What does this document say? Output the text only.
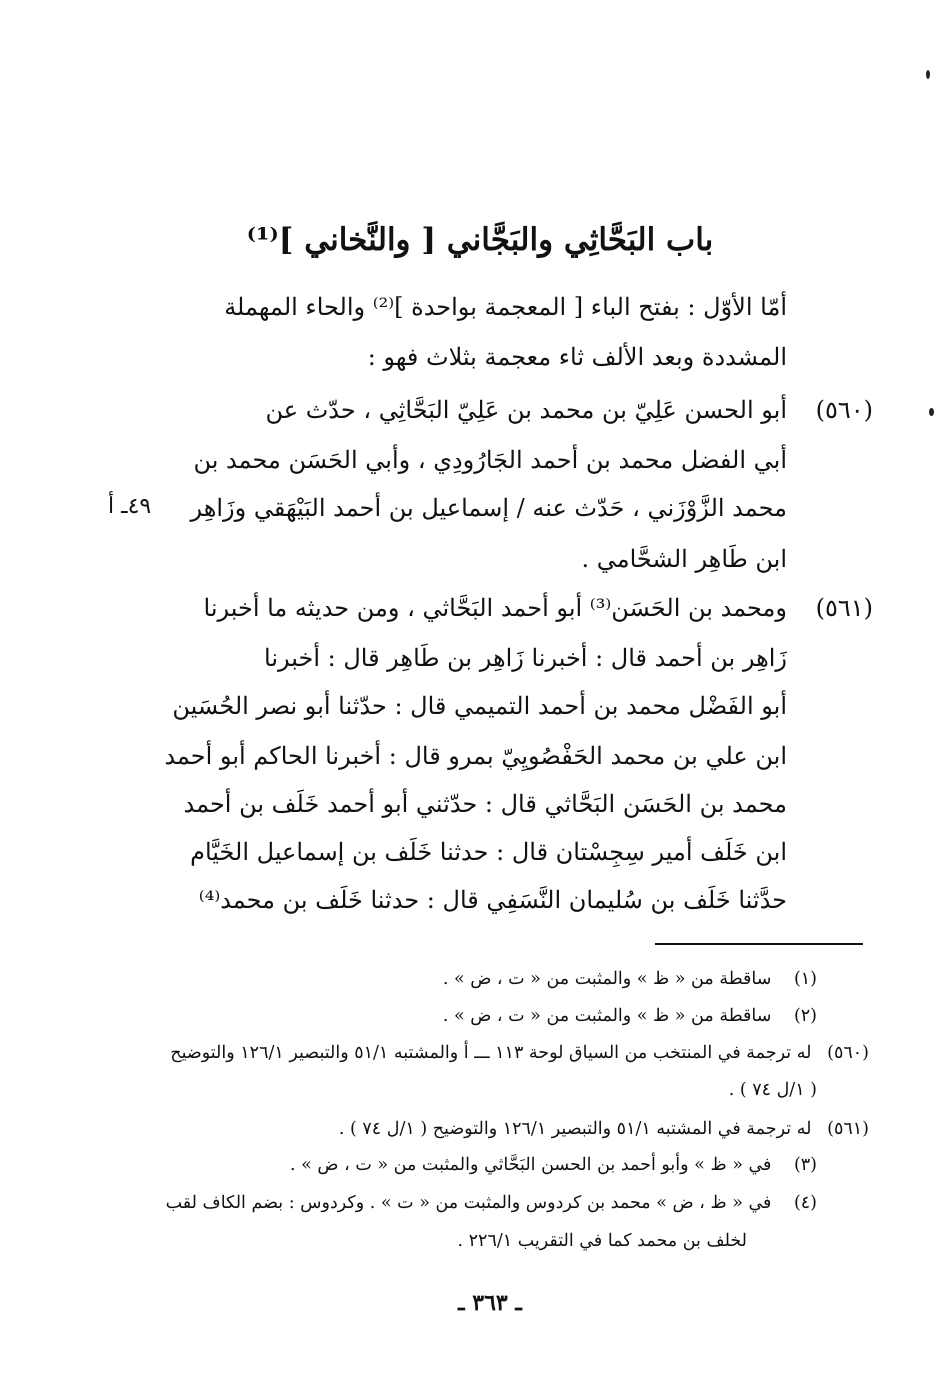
باب البَحَّاثِي والبَجَّاني [ والنَّخاني ]⁽¹⁾
أمّا الأوّل : بفتح الباء [ المعجمة بواحدة ]⁽²⁾ والحاء المهملة
المشددة وبعد الألف ثاء معجمة بثلاث فهو :
(٥٦٠)
أبو الحسن عَلِيّ بن محمد بن عَلِيّ البَحَّاثِي ، حدّث عن
أبي الفضل محمد بن أحمد الجَارُودِي ، وأبي الحَسَن محمد بن
محمد الزَّوْزَني ، حَدّث عنه / إسماعيل بن أحمد البَيْهَقي وزَاهِر
ابن طَاهِر الشحَّامي .
٤٩ـ أ
(٥٦١)
ومحمد بن الحَسَن⁽³⁾ أبو أحمد البَحَّاثي ، ومن حديثه ما أخبرنا
زَاهِر بن أحمد قال : أخبرنا زَاهِر بن طَاهِر قال : أخبرنا
أبو الفَضْل محمد بن أحمد التميمي قال : حدّثنا أبو نصر الحُسَين
ابن علي بن محمد الحَفْصُويِيّ بمرو قال : أخبرنا الحاكم أبو أحمد
محمد بن الحَسَن البَحَّاثي قال : حدّثني أبو أحمد خَلَف بن أحمد
ابن خَلَف أمير سِجِسْتان قال : حدثنا خَلَف بن إسماعيل الخَيَّام
حدَّثنا خَلَف بن سُليمان النَّسَفِي قال : حدثنا خَلَف بن محمد⁽⁴⁾
(١) ساقطة من « ظ » والمثبت من « ت ، ض » .
(٢) ساقطة من « ظ » والمثبت من « ت ، ض » .
(٥٦٠) له ترجمة في المنتخب من السياق لوحة ١١٣ ـــ أ والمشتبه ٥١/١ والتبصير ١٢٦/١ والتوضيح
( ١/ل ٧٤ ) .
(٥٦١) له ترجمة في المشتبه ٥١/١ والتبصير ١٢٦/١ والتوضيح ( ١/ل ٧٤ ) .
(٣) في « ظ » وأبو أحمد بن الحسن البَحَّاثي والمثبت من « ت ، ض » .
(٤) في « ظ ، ض » محمد بن كردوس والمثبت من « ت » . وكردوس : بضم الكاف لقب
لخلف بن محمد كما في التقريب ٢٢٦/١ .
ـ ٣٦٣ ـ
